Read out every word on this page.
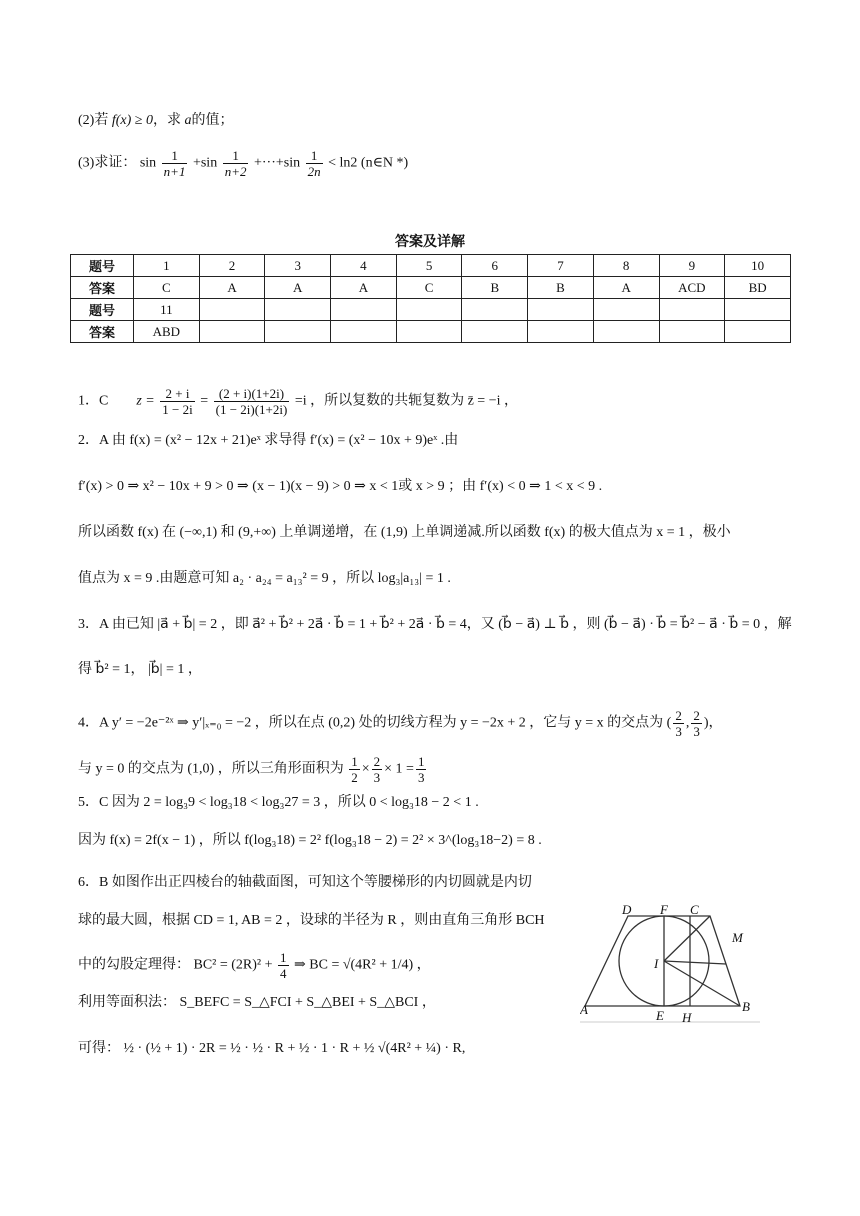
(2)若 f(x) ≥ 0，求 a的值；
(3)求证： $\sin \frac{1}{n+1} +\sin \frac{1}{n+2} +\cdot\cdot\cdot+\sin \frac{1}{2n} < \ln 2$ (n∈N *)
答案及详解
题号	1	2	3	4	5	6	7	8	9	10
答案	C	A	A	A	C	B	B	A	ACD	BD
题号	11									
答案	ABD									
1．C $z = \frac{2 + i}{1 - 2i} = \frac{(2 + i)(1+2i)}{(1 - 2i)(1+2i)} =i$ ，所以复数的共轭复数为 z̄ = −i ，
2．A 由 f(x) = (x² − 12x + 21)eˣ 求导得 f′(x) = (x² − 10x + 9)eˣ .由
f′(x) > 0 ⇒ x² − 10x + 9 > 0 ⇒ (x − 1)(x − 9) > 0 ⇒ x < 1或 x > 9 ；由 f′(x) < 0 ⇒ 1 < x < 9 .
所以函数 f(x) 在 (−∞,1) 和 (9,+∞) 上单调递增，在 (1,9) 上单调递减.所以函数 f(x) 的极大值点为 x = 1 ，极小
值点为 x = 9 .由题意可知 a₂ · a₂₄ = a₁₃² = 9 ，所以 log₃|a₁₃| = 1 .
3．A 由已知 |a⃗ + b⃗| = 2 ，即 a⃗² + b⃗² + 2a⃗ · b⃗ = 1 + b⃗² + 2a⃗ · b⃗ = 4，又 (b⃗ − a⃗) ⊥ b⃗ ，则 (b⃗ − a⃗) · b⃗ = b⃗² − a⃗ · b⃗ = 0 ，解
得 b⃗² = 1， |b⃗| = 1 ，
4．A y′ = −2e⁻²ˣ ⇒ y′|ₓ₌₀ = −2 ，所以在点 (0,2) 处的切线方程为 y = −2x + 2 ，它与 y = x 的交点为 ( $\frac{2}{3}$ , $\frac{2}{3}$ )，
与 y = 0 的交点为 (1,0) ，所以三角形面积为 $\frac{1}{2} \times \frac{2}{3} \times 1 = \frac{1}{3}$
5．C 因为 2 = log₃9 < log₃18 < log₃27 = 3 ，所以 0 < log₃18 − 2 < 1 .
因为 f(x) = 2f(x − 1) ，所以 f(log₃18) = 2² f(log₃18 − 2) = 2² × 3^(log₃18−2) = 8 .
6．B 如图作出正四棱台的轴截面图，可知这个等腰梯形的内切圆就是内切
球的最大圆，根据 CD = 1, AB = 2 ，设球的半径为 R ，则由直角三角形 BCH
中的勾股定理得： $BC^2 = (2R)^2 + \frac{1}{4}$ ⇒ BC = √(4R² + 1/4) ，
利用等面积法： S_BEFC = S_△FCI + S_△BEI + S_△BCI ，
可得： ½ · (½ + 1) · 2R = ½ · ½ · R + ½ · 1 · R + ½ √(4R² + ¼) · R,
D F C
M
I
A	E H
B
